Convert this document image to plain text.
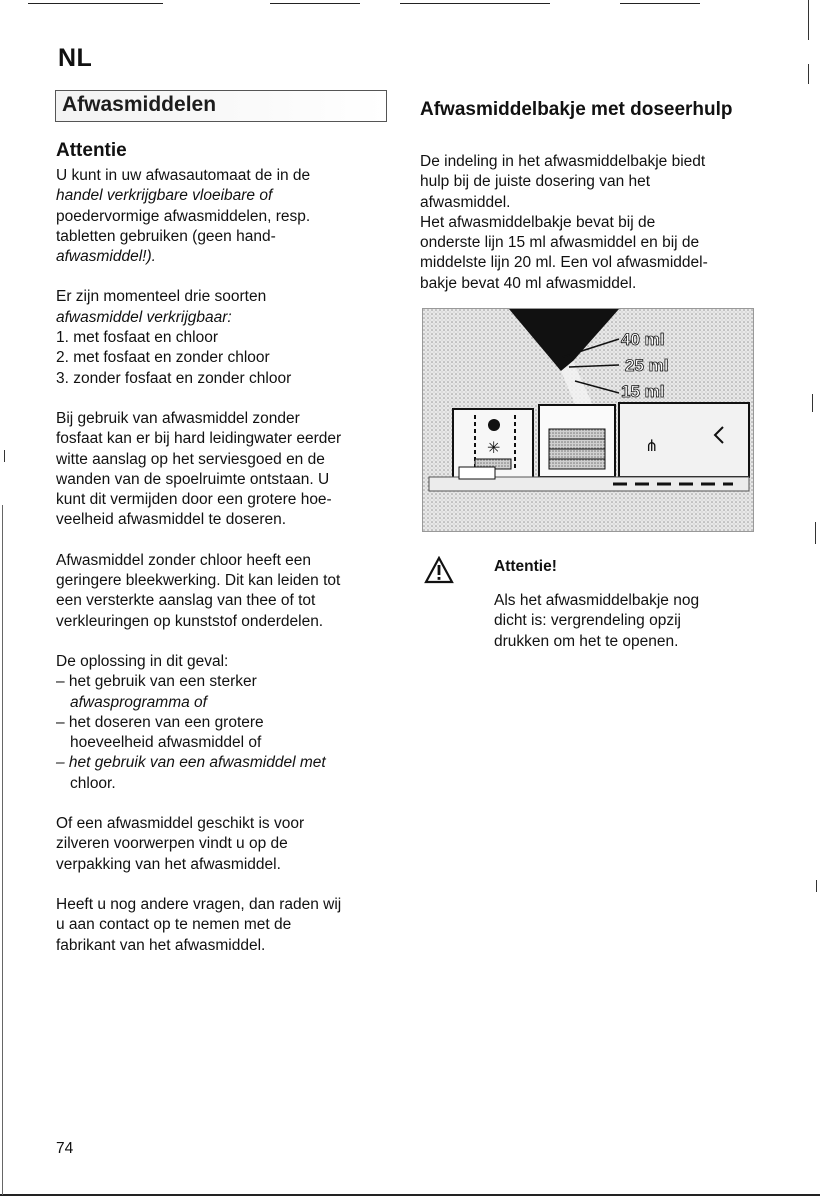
NL
Afwasmiddelen
Attentie

U kunt in uw afwasautomaat de in de
handel verkrijgbare vloeibare of
poedervormige afwasmiddelen, resp.
tabletten gebruiken (geen hand-
afwasmiddel!).

Er zijn momenteel drie soorten
afwasmiddel verkrijgbaar:

1. met fosfaat en chloor
2. met fosfaat en zonder chloor
3. zonder fosfaat en zonder chloor

Bij gebruik van afwasmiddel zonder
fosfaat kan er bij hard leidingwater eerder
witte aanslag op het serviesgoed en de
wanden van de spoelruimte ontstaan. U
kunt dit vermijden door een grotere hoe-
veelheid afwasmiddel te doseren.

Afwasmiddel zonder chloor heeft een
geringere bleekwerking. Dit kan leiden tot
een versterkte aanslag van thee of tot
verkleuringen op kunststof onderdelen.

De oplossing in dit geval:

– het gebruik van een sterker
afwasprogramma of
– het doseren van een grotere
hoeveelheid afwasmiddel of
– het gebruik van een afwasmiddel met
chloor.

Of een afwasmiddel geschikt is voor
zilveren voorwerpen vindt u op de
verpakking van het afwasmiddel.

Heeft u nog andere vragen, dan raden wij
u aan contact op te nemen met de
fabrikant van het afwasmiddel.

Afwasmiddelbakje met doseerhulp

De indeling in het afwasmiddelbakje biedt
hulp bij de juiste dosering van het
afwasmiddel.

Het afwasmiddelbakje bevat bij de
onderste lijn 15 ml afwasmiddel en bij de
middelste lijn 20 ml. Een vol afwasmiddel-
bakje bevat 40 ml afwasmiddel.

✳	⋔
40 ml
25 ml
15 ml
Attentie!
Als het afwasmiddelbakje nog
dicht is: vergrendeling opzij
drukken om het te openen.
74
